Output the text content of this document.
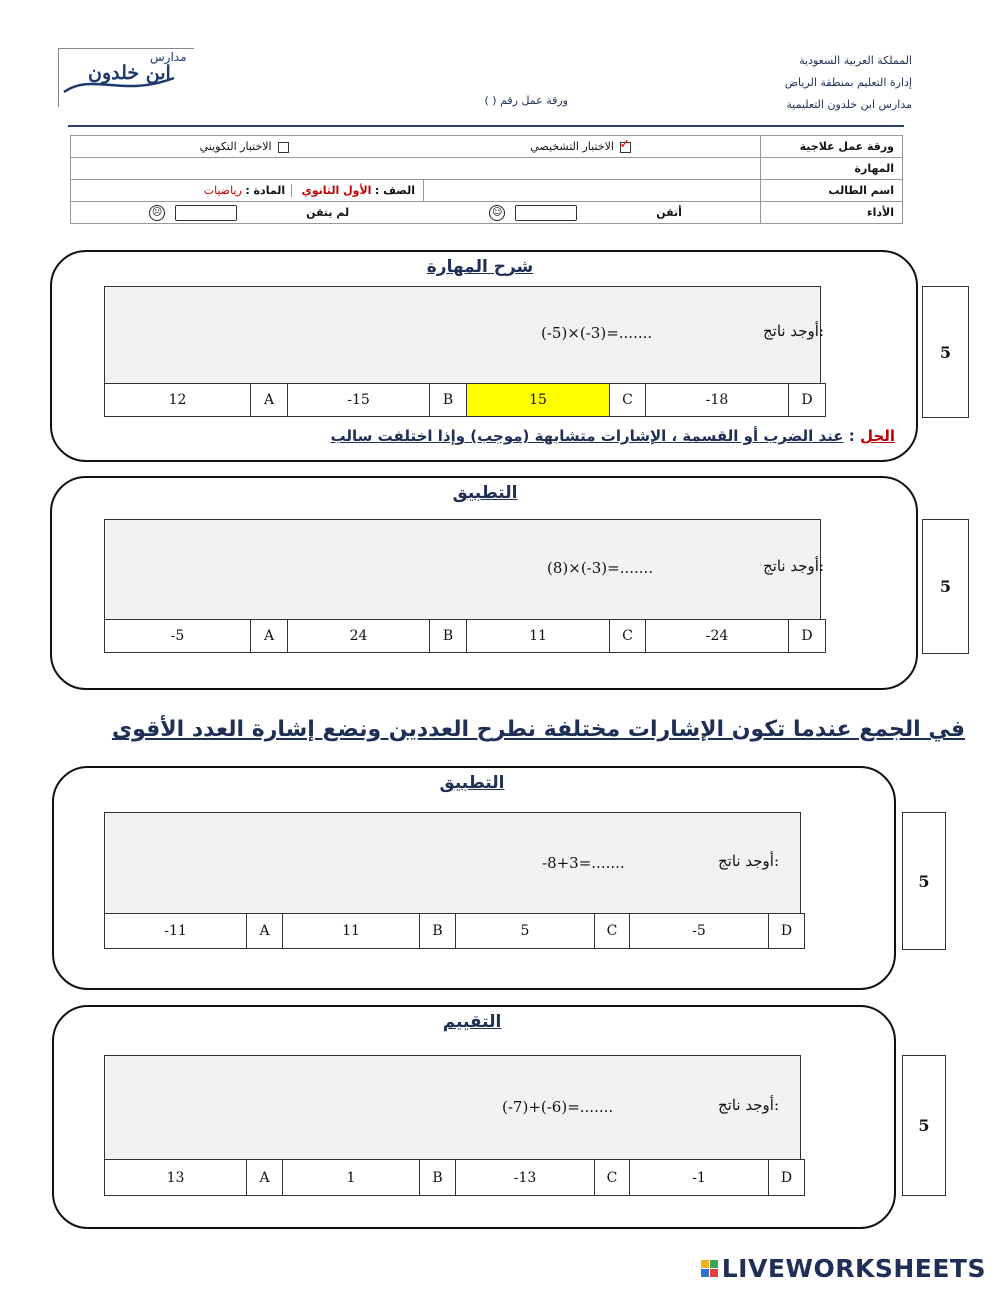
المملكة العربية السعودية
إدارة التعليم بمنطقة الرياض
مدارس ابن خلدون التعليمية
مدارس
ابن خلدون
ورقة عمل رقم ( )
ورقة عمل علاجية	✓
الاختبار التشخيصي
الاختبار التكويني	

المهارة		
اسم الطالب		الصف : الأول الثانوي المادة : رياضيات
الأداء	أتقن  ☺
لم يتقن  ☹	
شرح المهارة
5
أوجد ناتج:
(-5)×(-3)=.......
12	A	-15	B	15	C	-18	D
الحل : عند الضرب أو القسمة ، الإشارات متشابهة (موجب) وإذا اختلفت سالب
التطبيق
5
أوجد ناتج:
(8)×(-3)=.......
-5	A	24	B	11	C	-24	D
في الجمع عندما تكون الإشارات مختلفة نطرح العددين ونضع إشارة العدد الأقوى
التطبيق
5
أوجد ناتج:
-8+3=.......
-11	A	11	B	5	C	-5	D
التقييم
5
أوجد ناتج:
(-7)+(-6)=.......
13	A	1	B	-13	C	-1	D
LIVEWORKSHEETS
